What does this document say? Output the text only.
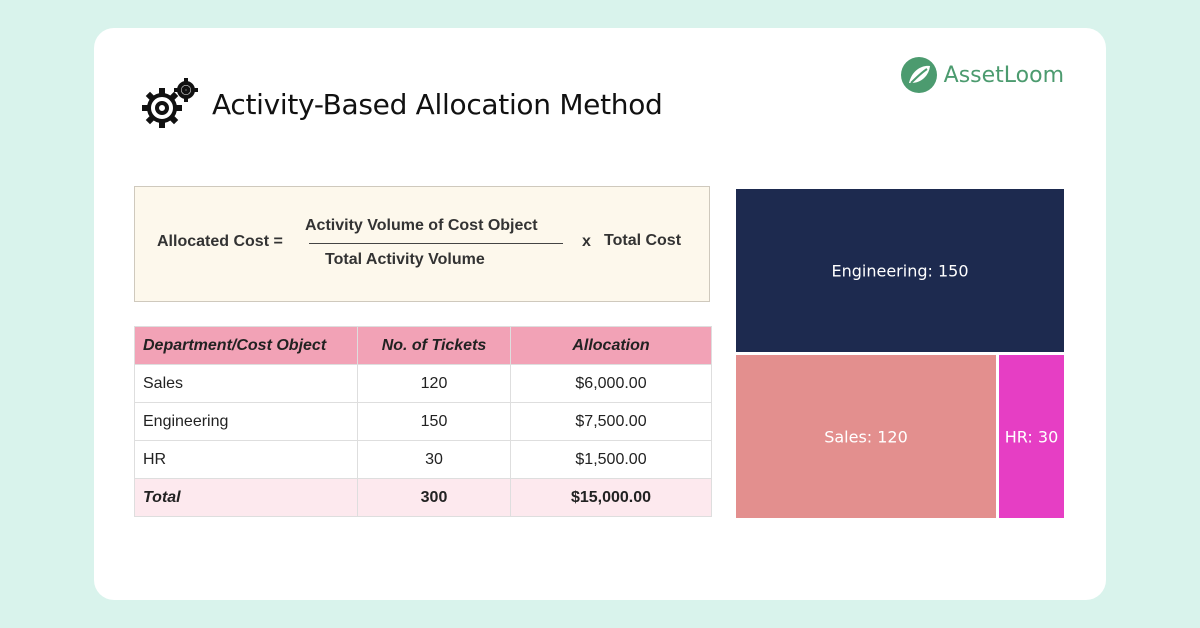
Activity-Based Allocation Method
AssetLoom
Allocated Cost =
Activity Volume of Cost Object
Total Activity Volume
x Total Cost
Department/Cost Object	No. of Tickets	Allocation
Sales	120	$6,000.00
Engineering	150	$7,500.00
HR	30	$1,500.00
Total	300	$15,000.00
Engineering: 150
Sales: 120	HR: 30
